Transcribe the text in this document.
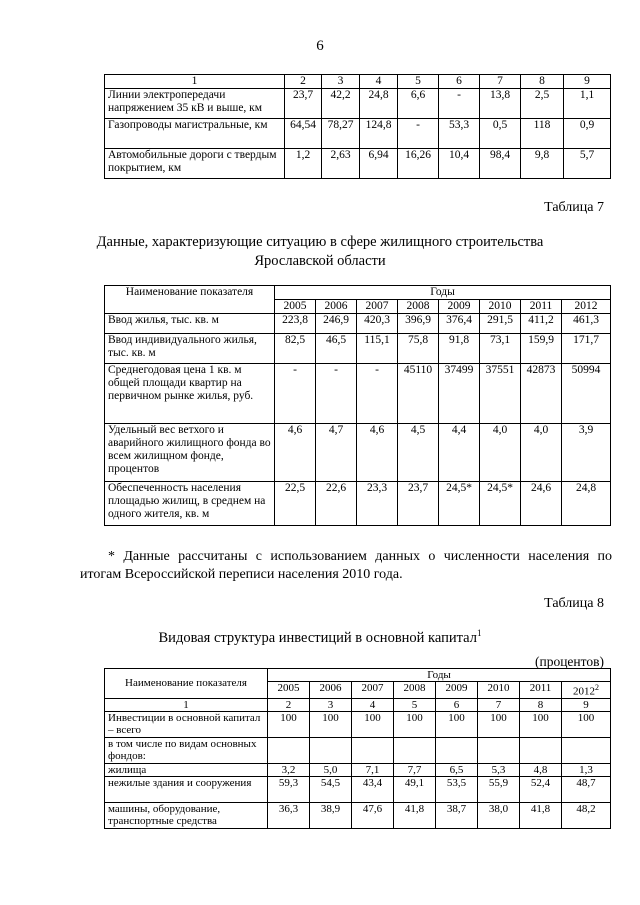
6
1	2	3	4	5	6	7	8	9
Линии электропередачи напряжением 35 кВ и выше, км	23,7	42,2	24,8	6,6	-	13,8	2,5	1,1
Газопроводы магистральные, км	64,54	78,27	124,8	-	53,3	0,5	118	0,9
Автомобильные дороги с твердым покрытием, км	1,2	2,63	6,94	16,26	10,4	98,4	9,8	5,7
Таблица 7
Данные, характеризующие ситуацию в сфере жилищного строительства
Ярославской области
Наименование показателя	Годы							
	2005	2006	2007	2008	2009	2010	2011	2012
Ввод жилья, тыс. кв. м	223,8	246,9	420,3	396,9	376,4	291,5	411,2	461,3
Ввод индивидуального жилья, тыс. кв. м	82,5	46,5	115,1	75,8	91,8	73,1	159,9	171,7
Среднегодовая цена 1 кв. м общей площади квартир на первичном рынке жилья, руб.	-	-	-	45110	37499	37551	42873	50994
Удельный вес ветхого и аварийного жилищного фонда во всем жилищном фонде, процентов	4,6	4,7	4,6	4,5	4,4	4,0	4,0	3,9
Обеспеченность населения площадью жилищ, в среднем на одного жителя, кв. м	22,5	22,6	23,3	23,7	24,5*	24,5*	24,6	24,8
* Данные рассчитаны с использованием данных о численности населения по итогам Всероссийской переписи населения 2010 года.
Таблица 8
Видовая структура инвестиций в основной капитал$^1$
(процентов)
Наименование показателя	Годы							
	2005	2006	2007	2008	2009	2010	2011	2012$^2$
1	2	3	4	5	6	7	8	9
Инвестиции в основной капитал – всего	100	100	100	100	100	100	100	100
в том числе по видам основных фондов:								
жилища	3,2	5,0	7,1	7,7	6,5	5,3	4,8	1,3
нежилые здания и сооружения	59,3	54,5	43,4	49,1	53,5	55,9	52,4	48,7
машины, оборудование, транспортные средства	36,3	38,9	47,6	41,8	38,7	38,0	41,8	48,2
